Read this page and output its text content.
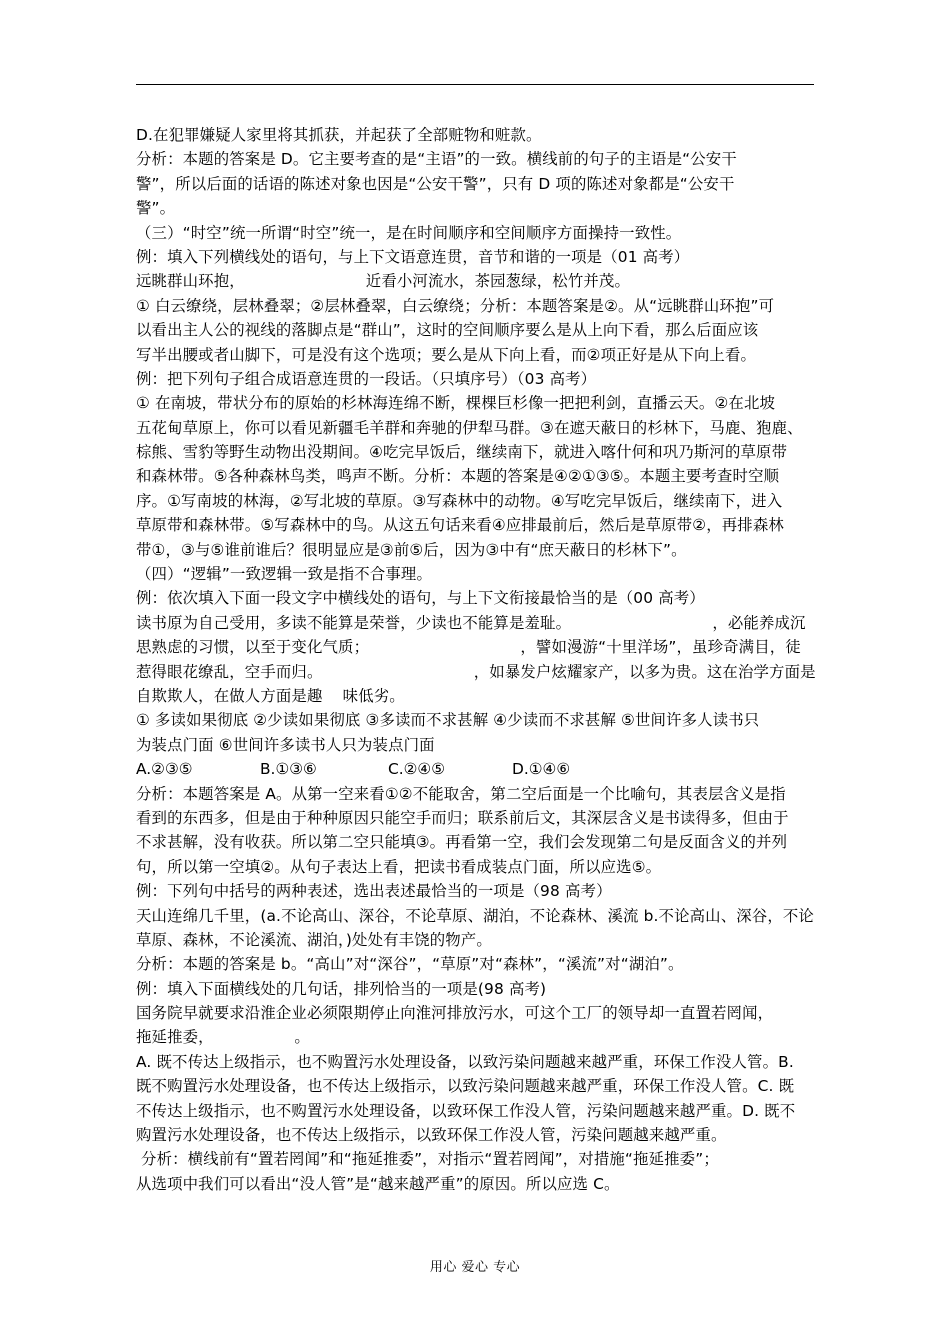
D.在犯罪嫌疑人家里将其抓获，并起获了全部赃物和赃款。
分析：本题的答案是 D。它主要考查的是“主语”的一致。横线前的句子的主语是“公安干
警”，所以后面的话语的陈述对象也因是“公安干警”，只有 D 项的陈述对象都是“公安干
警”。
（三）“时空”统一所谓“时空”统一，是在时间顺序和空间顺序方面操持一致性。
例：填入下列横线处的语句，与上下文语意连贯，音节和谐的一项是（01 高考）
远眺群山环抱，                        近看小河流水，茶园葱绿，松竹并茂。
① 白云缭绕，层林叠翠；②层林叠翠，白云缭绕；分析：本题答案是②。从“远眺群山环抱”可
以看出主人公的视线的落脚点是“群山”，这时的空间顺序要么是从上向下看，那么后面应该
写半出腰或者山脚下，可是没有这个选项；要么是从下向上看，而②项正好是从下向上看。
例：把下列句子组合成语意连贯的一段话。（只填序号）（03 高考）
① 在南坡，带状分布的原始的杉林海连绵不断，棵棵巨杉像一把把利剑，直播云天。②在北坡
五花甸草原上，你可以看见新疆毛羊群和奔驰的伊犁马群。③在遮天蔽日的杉林下，马鹿、狍鹿、
棕熊、雪豹等野生动物出没期间。④吃完早饭后，继续南下，就进入喀什何和巩乃斯河的草原带
和森林带。⑤各种森林鸟类，鸣声不断。分析：本题的答案是④②①③⑤。本题主要考查时空顺
序。①写南坡的林海，②写北坡的草原。③写森林中的动物。④写吃完早饭后，继续南下，进入
草原带和森林带。⑤写森林中的鸟。从这五句话来看④应排最前后，然后是草原带②，再排森林
带①，③与⑤谁前谁后？很明显应是③前⑤后，因为③中有“庶天蔽日的杉林下”。
（四）“逻辑”一致逻辑一致是指不合事理。
例：依次填入下面一段文字中横线处的语句，与上下文衔接最恰当的是（00 高考）
读书原为自己受用，多读不能算是荣誉，少读也不能算是羞耻。                            ，必能养成沉
思熟虑的习惯，以至于变化气质；                              ，譬如漫游“十里洋场”，虽珍奇满目，徒
惹得眼花缭乱，空手而归。                              ，如暴发户炫耀家产，以多为贵。这在治学方面是
自欺欺人，在做人方面是趣    味低劣。
① 多读如果彻底 ②少读如果彻底 ③多读而不求甚解 ④少读而不求甚解 ⑤世间许多人读书只
为装点门面 ⑥世间许多读书人只为装点门面
A.②③⑤	B.①③⑥	C.②④⑤	D.①④⑥
分析：本题答案是 A。从第一空来看①②不能取舍，第二空后面是一个比喻句，其表层含义是指
看到的东西多，但是由于种种原因只能空手而归；联系前后文，其深层含义是书读得多，但由于
不求甚解，没有收获。所以第二空只能填③。再看第一空，我们会发现第二句是反面含义的并列
句，所以第一空填②。从句子表达上看，把读书看成装点门面，所以应选⑤。
例：下列句中括号的两种表述，选出表述最恰当的一项是（98 高考）
天山连绵几千里，(a.不论高山、深谷，不论草原、湖泊，不论森林、溪流 b.不论高山、深谷，不论
草原、森林，不论溪流、湖泊，)处处有丰饶的物产。
分析：本题的答案是 b。“高山”对“深谷”，“草原”对“森林”，“溪流”对“湖泊”。
例：填入下面横线处的几句话，排列恰当的一项是(98 高考)
国务院早就要求沿淮企业必须限期停止向淮河排放污水，可这个工厂的领导却一直置若罔闻，
拖延推委，                。
A. 既不传达上级指示，也不购置污水处理设备，以致污染问题越来越严重，环保工作没人管。B.
既不购置污水处理设备，也不传达上级指示，以致污染问题越来越严重，环保工作没人管。C. 既
不传达上级指示，也不购置污水处理设备，以致环保工作没人管，污染问题越来越严重。D. 既不
购置污水处理设备，也不传达上级指示，以致环保工作没人管，污染问题越来越严重。
分析：横线前有“置若罔闻”和“拖延推委”，对指示“置若罔闻”，对措施“拖延推委”；
从选项中我们可以看出“没人管”是“越来越严重”的原因。所以应选 C。
用心 爱心 专心
